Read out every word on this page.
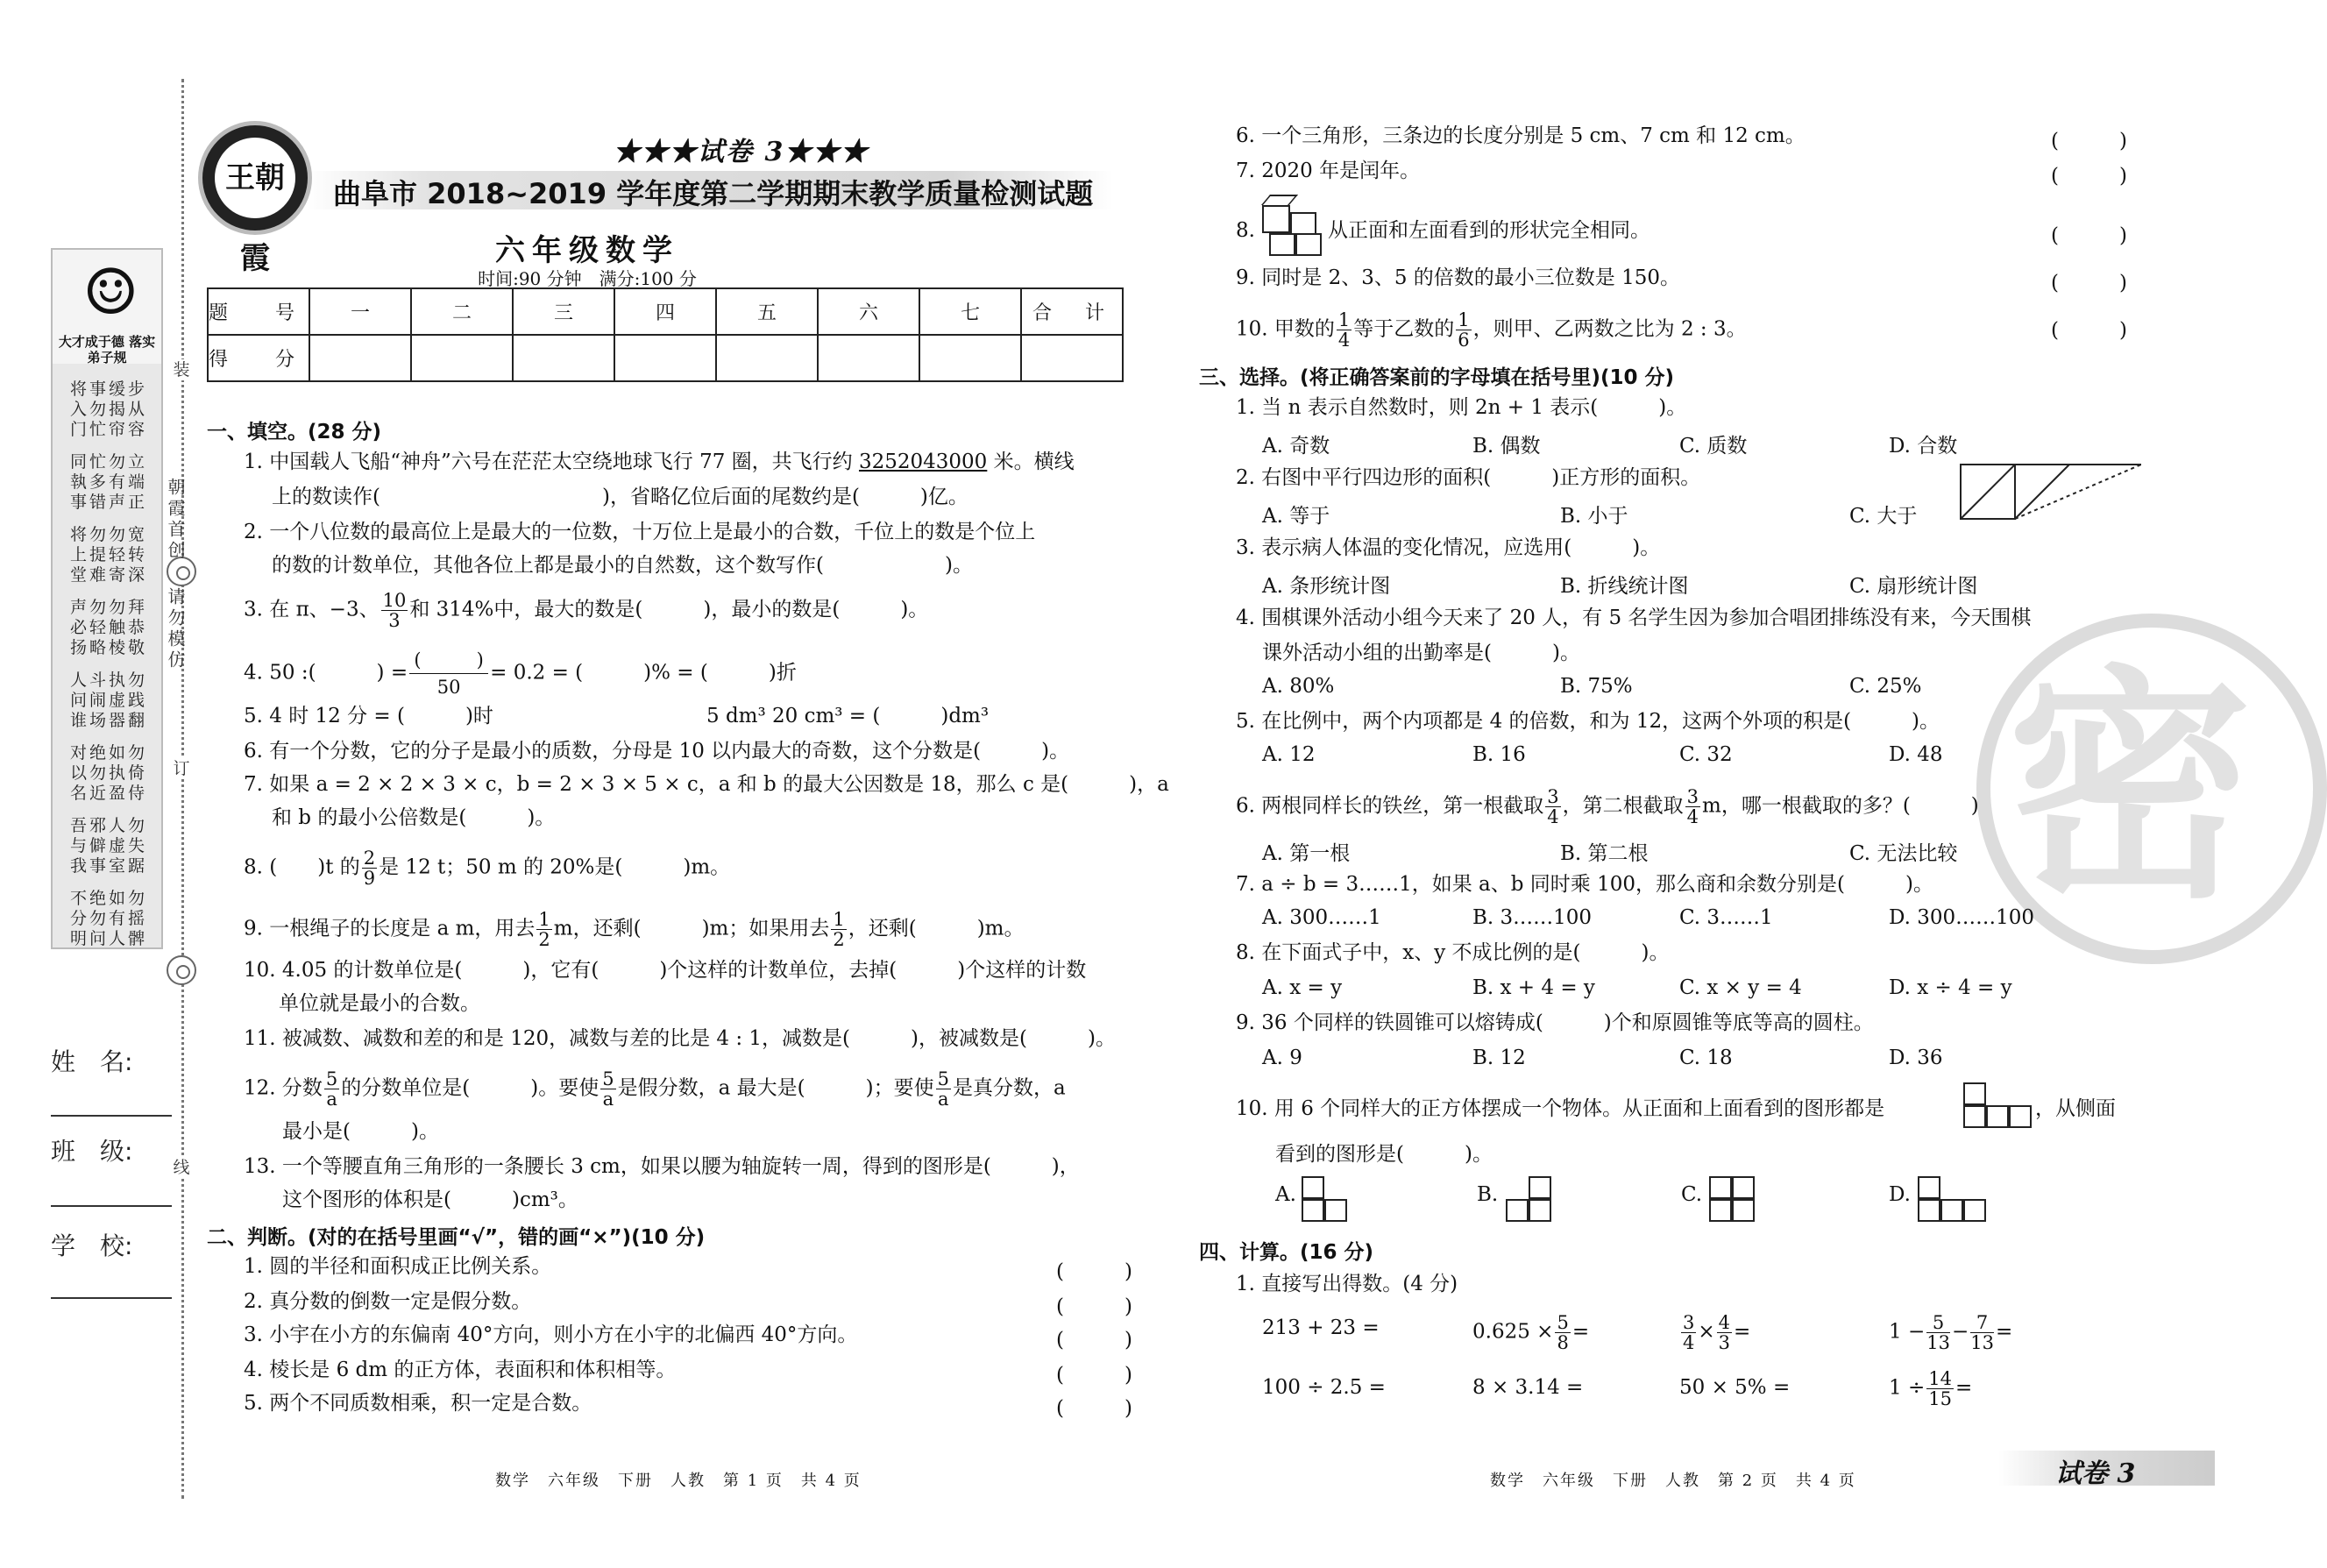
装
订
线
朝霞首创
请勿模仿
☺
大才成于德 落实弟子规
将事缓步
入勿揭从
门忙帘容
同忙勿立
執多有端
事错声正
将勿勿宽
上提轻转
堂难寄深
声勿勿拜
必轻触恭
扬略棱敬
人斗执勿
问闹虚践
谁场器翻
对绝如勿
以勿执倚
名近盈侍
吾邪人勿
与僻虚失
我事室踞
不绝如勿
分勿有摇
明问人髀
姓　名:
班　级:
学　校:
王朝霞
★★★试卷 3★★★
曲阜市 2018~2019 学年度第二学期期末教学质量检测试题
六年级数学
时间:90 分钟　满分:100 分
题　号	一	二	三	四	五	六	七	合　计
得　分								
一、填空。(28 分)
1. 中国载人飞船“神舟”六号在茫茫太空绕地球飞行 77 圈，共飞行约 3252043000 米。横线
上的数读作(　　　　　　　　　　　)，省略亿位后面的尾数约是(　　　)亿。
2. 一个八位数的最高位上是最大的一位数，十万位上是最小的合数，千位上的数是个位上
的数的计数单位，其他各位上都是最小的自然数，这个数写作(　　　　　　)。
3. 在 π、−3、 $\frac{10}{3}$ 和 314%中，最大的数是(　　　)，最小的数是(　　　)。
4. 50 :(　　　) = $\frac{( )}{50} = 0.2$ = (　　　)% = (　　　)折
5. 4 时 12 分 = (　　　)时	5 dm³ 20 cm³ = (　　　)dm³
6. 有一个分数，它的分子是最小的质数，分母是 10 以内最大的奇数，这个分数是(　　　)。
7. 如果 a = 2 × 2 × 3 × c，b = 2 × 3 × 5 × c，a 和 b 的最大公因数是 18，那么 c 是(　　　)，a
和 b 的最小公倍数是(　　　)。
8. (　　)t 的 $\frac{2}{9}$ 是 12 t；50 m 的 20%是(　　　)m。
9. 一根绳子的长度是 a m，用去 $\frac{1}{2}$ m，还剩(　　　)m；如果用去 $\frac{1}{2}$ ，还剩(　　　)m。
10. 4.05 的计数单位是(　　　)，它有(　　　)个这样的计数单位，去掉(　　　)个这样的计数
单位就是最小的合数。
11. 被减数、减数和差的和是 120，减数与差的比是 4 : 1，减数是(　　　)，被减数是(　　　)。
12. 分数 $\frac{5}{a}$ 的分数单位是(　　　)。要使 $\frac{5}{a}$ 是假分数，a 最大是(　　　)；要使 $\frac{5}{a}$ 是真分数，a
最小是(　　　)。
13. 一个等腰直角三角形的一条腰长 3 cm，如果以腰为轴旋转一周，得到的图形是(　　　)，
这个图形的体积是(　　　)cm³。
二、判断。(对的在括号里画“√”，错的画“×”)(10 分)
1. 圆的半径和面积成正比例关系。	(　　　)
2. 真分数的倒数一定是假分数。	(　　　)
3. 小宇在小方的东偏南 40°方向，则小方在小宇的北偏西 40°方向。	(　　　)
4. 棱长是 6 dm 的正方体，表面积和体积相等。	(　　　)
5. 两个不同质数相乘，积一定是合数。	(　　　)
数学　六年级　下册　人教　第 1 页　共 4 页
密
6. 一个三角形，三条边的长度分别是 5 cm、7 cm 和 12 cm。	(　　　)
7. 2020 年是闰年。	(　　　)
8.	从正面和左面看到的形状完全相同。	(　　　)
9. 同时是 2、3、5 的倍数的最小三位数是 150。	(　　　)
10. 甲数的 $\frac{1}{4}$ 等于乙数的 $\frac{1}{6}$ ，则甲、乙两数之比为 2 : 3。	(　　　)
三、选择。(将正确答案前的字母填在括号里)(10 分)
1. 当 n 表示自然数时，则 2n + 1 表示(　　　)。
A. 奇数	B. 偶数	C. 质数	D. 合数
2. 右图中平行四边形的面积(　　　)正方形的面积。
A. 等于	B. 小于	C. 大于
3. 表示病人体温的变化情况，应选用(　　　)。
A. 条形统计图	B. 折线统计图	C. 扇形统计图
4. 围棋课外活动小组今天来了 20 人，有 5 名学生因为参加合唱团排练没有来，今天围棋
课外活动小组的出勤率是(　　　)。
A. 80%	B. 75%	C. 25%
5. 在比例中，两个内项都是 4 的倍数，和为 12，这两个外项的积是(　　　)。
A. 12	B. 16	C. 32	D. 48
6. 两根同样长的铁丝，第一根截取 $\frac{3}{4}$ ，第二根截取 $\frac{3}{4}$ m，哪一根截取的多？(　　　)
A. 第一根	B. 第二根	C. 无法比较
7. a ÷ b = 3……1，如果 a、b 同时乘 100，那么商和余数分别是(　　　)。
A. 300……1	B. 3……100	C. 3……1	D. 300……100
8. 在下面式子中，x、y 不成比例的是(　　　)。
A. x = y	B. x + 4 = y	C. x × y = 4	D. x ÷ 4 = y
9. 36 个同样的铁圆锥可以熔铸成(　　　)个和原圆锥等底等高的圆柱。
A. 9	B. 12	C. 18	D. 36
10. 用 6 个同样大的正方体摆成一个物体。从正面和上面看到的图形都是	，从侧面
看到的图形是(　　　)。
A.	B.	C.	D.
四、计算。(16 分)
1. 直接写出得数。(4 分)
213 + 23 =	$0.625 \times \frac{5}{8}$ =	$\frac{3}{4} \times \frac{4}{3}$ =	$1 - \frac{5}{13} - \frac{7}{13}$ =
100 ÷ 2.5 =	8 × 3.14 =	50 × 5% =	$1 \div \frac{14}{15}$ =
数学　六年级　下册　人教　第 2 页　共 4 页	试卷 3
